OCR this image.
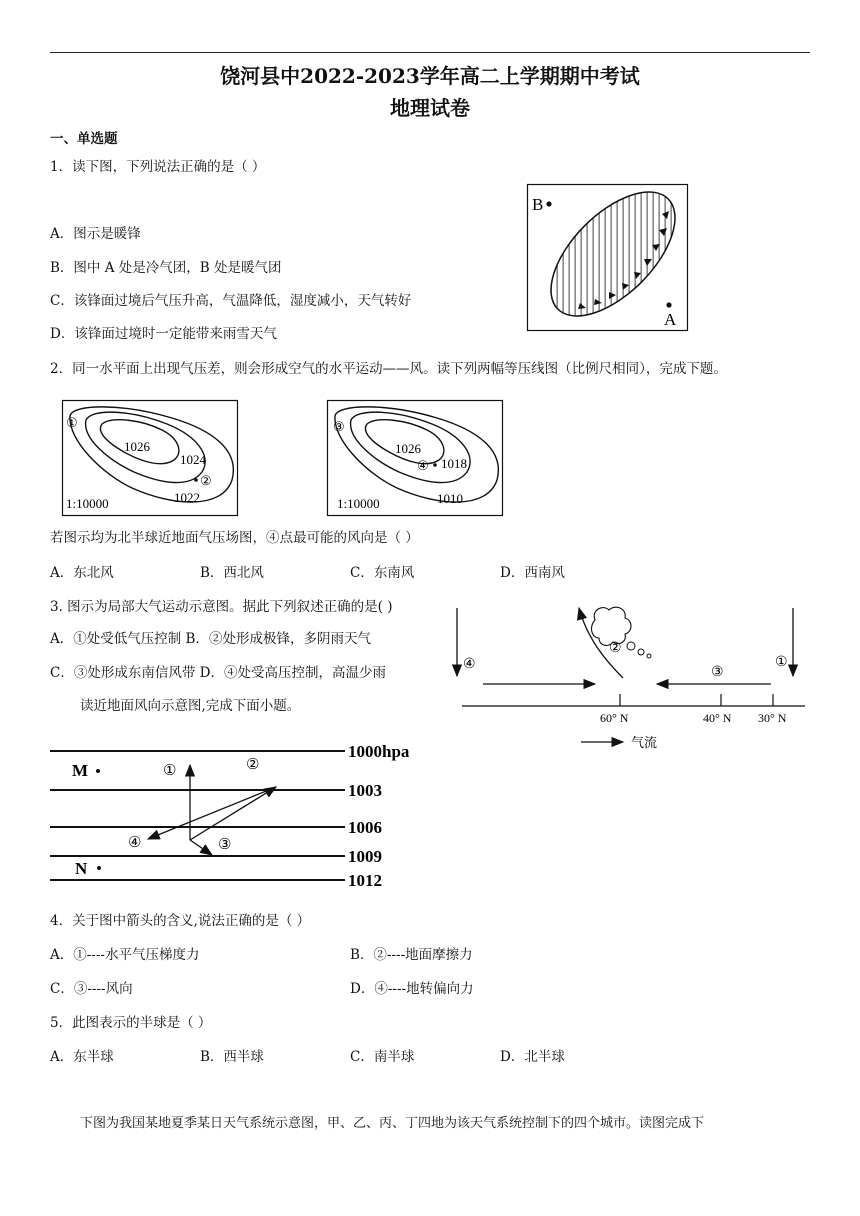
饶河县中2022-2023学年高二上学期期中考试
地理试卷
一、单选题
1．读下图，下列说法正确的是（ ）
A．图示是暖锋
B．图中 A 处是冷气团，B 处是暖气团
C．该锋面过境后气压升高，气温降低，湿度减小，天气转好
D．该锋面过境时一定能带来雨雪天气
B
A
2．同一水平面上出现气压差，则会形成空气的水平运动——风。读下列两幅等压线图（比例尺相同），完成下题。
①
1026
1024
②
1022
1:10000
③
1026
④ 1018
1010
1:10000
若图示均为北半球近地面气压场图，④点最可能的风向是（ ）
A．东北风	B．西北风	C．东南风	D．西南风
3. 图示为局部大气运动示意图。据此下列叙述正确的是( )
A．①处受低气压控制 B．②处形成极锋，多阴雨天气
C．③处形成东南信风带 D．④处受高压控制，高温少雨
④
②
③
①
60° N	40° N 30° N
气流
读近地面风向示意图,完成下面小题。
1000hpa
1003
1006
1009
1012
M
N
①	②
③
④
4．关于图中箭头的含义,说法正确的是（ ）
A．①----水平气压梯度力	B．②----地面摩擦力
C．③----风向	D．④----地转偏向力
5．此图表示的半球是（ ）
A．东半球	B．西半球	C．南半球	D．北半球
下图为我国某地夏季某日天气系统示意图，甲、乙、丙、丁四地为该天气系统控制下的四个城市。读图完成下
